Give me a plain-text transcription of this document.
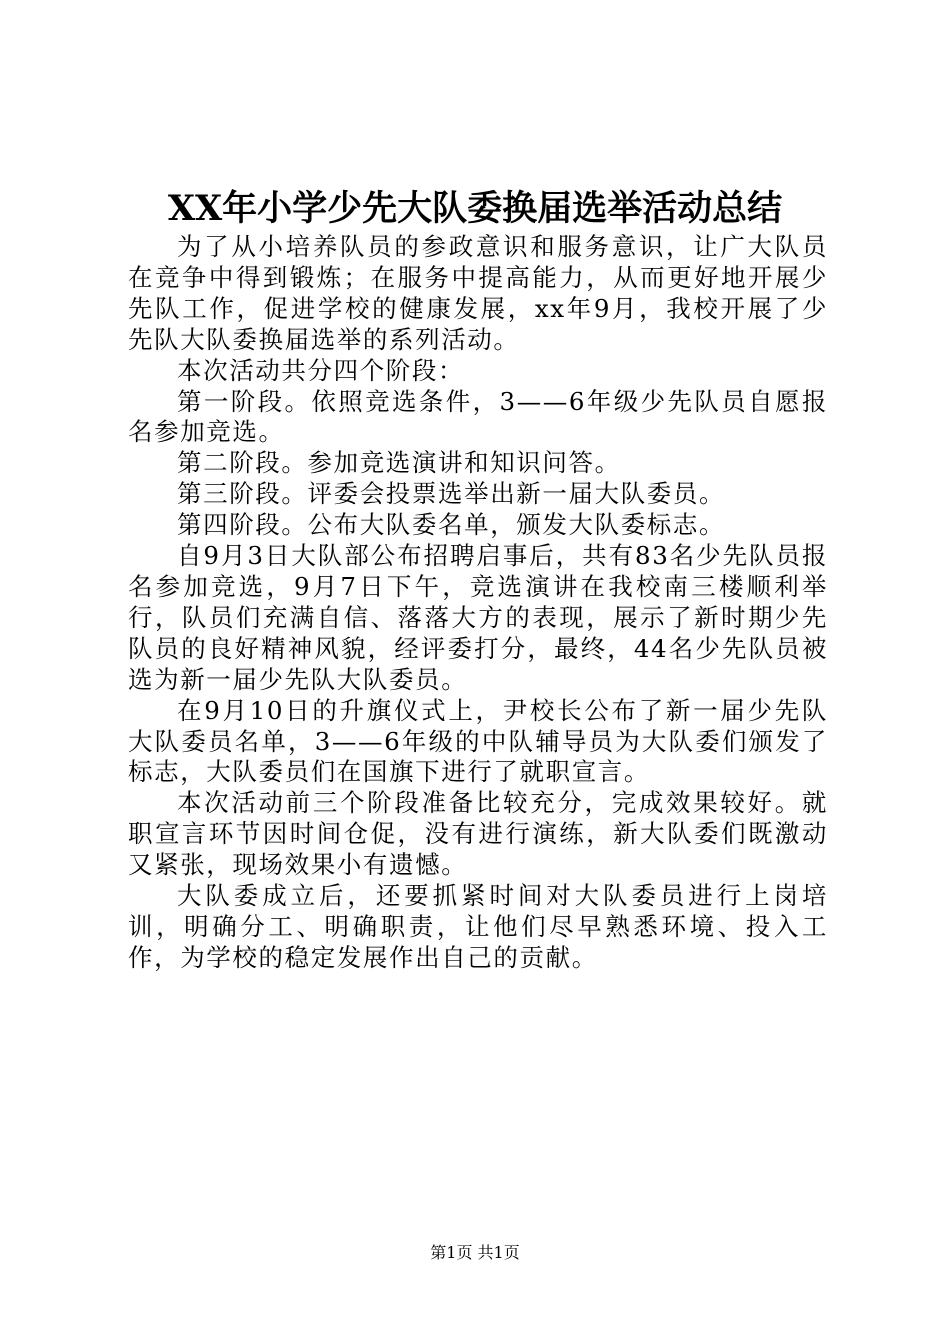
XX年小学少先大队委换届选举活动总结

为了从小培养队员的参政意识和服务意识，让广大队员在竞争中得到锻炼；在服务中提高能力，从而更好地开展少先队工作，促进学校的健康发展，xx年9月，我校开展了少先队大队委换届选举的系列活动。

本次活动共分四个阶段：

第一阶段。依照竞选条件，3——6年级少先队员自愿报名参加竞选。

第二阶段。参加竞选演讲和知识问答。

第三阶段。评委会投票选举出新一届大队委员。

第四阶段。公布大队委名单，颁发大队委标志。

自9月3日大队部公布招聘启事后，共有83名少先队员报名参加竞选，9月7日下午，竞选演讲在我校南三楼顺利举行，队员们充满自信、落落大方的表现，展示了新时期少先队员的良好精神风貌，经评委打分，最终，44名少先队员被选为新一届少先队大队委员。

在9月10日的升旗仪式上，尹校长公布了新一届少先队大队委员名单，3——6年级的中队辅导员为大队委们颁发了标志，大队委员们在国旗下进行了就职宣言。

本次活动前三个阶段准备比较充分，完成效果较好。就职宣言环节因时间仓促，没有进行演练，新大队委们既激动又紧张，现场效果小有遗憾。

大队委成立后，还要抓紧时间对大队委员进行上岗培训，明确分工、明确职责，让他们尽早熟悉环境、投入工作，为学校的稳定发展作出自己的贡献。

第1页 共1页
